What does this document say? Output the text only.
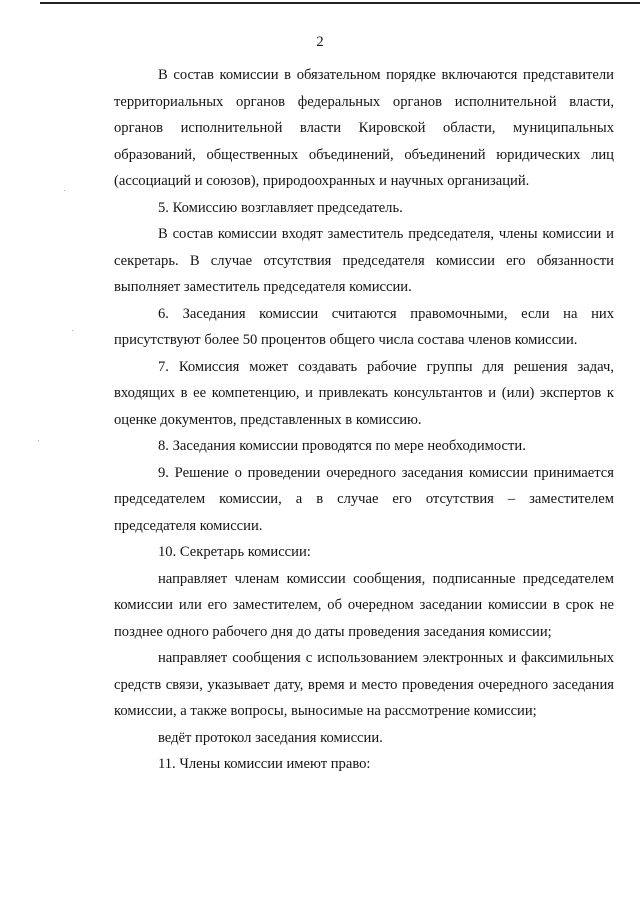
2

В состав комиссии в обязательном порядке включаются представители территориальных органов федеральных органов исполнительной власти, органов исполнительной власти Кировской области, муниципальных образований, общественных объединений, объединений юридических лиц (ассоциаций и союзов), природоохранных и научных организаций.

5. Комиссию возглавляет председатель.

В состав комиссии входят заместитель председателя, члены комиссии и секретарь. В случае отсутствия председателя комиссии его обязанности выполняет заместитель председателя комиссии.

6. Заседания комиссии считаются правомочными, если на них присутствуют более 50 процентов общего числа состава членов комиссии.

7. Комиссия может создавать рабочие группы для решения задач, входящих в ее компетенцию, и привлекать консультантов и (или) экспертов к оценке документов, представленных в комиссию.

8. Заседания комиссии проводятся по мере необходимости.

9. Решение о проведении очередного заседания комиссии принимается председателем комиссии, а в случае его отсутствия – заместителем председателя комиссии.

10. Секретарь комиссии:

направляет членам комиссии сообщения, подписанные председателем комиссии или его заместителем, об очередном заседании комиссии в срок не позднее одного рабочего дня до даты проведения заседания комиссии;

направляет сообщения с использованием электронных и факсимильных средств связи, указывает дату, время и место проведения очередного заседания комиссии, а также вопросы, выносимые на рассмотрение комиссии;

ведёт протокол заседания комиссии.

11. Члены комиссии имеют право:
